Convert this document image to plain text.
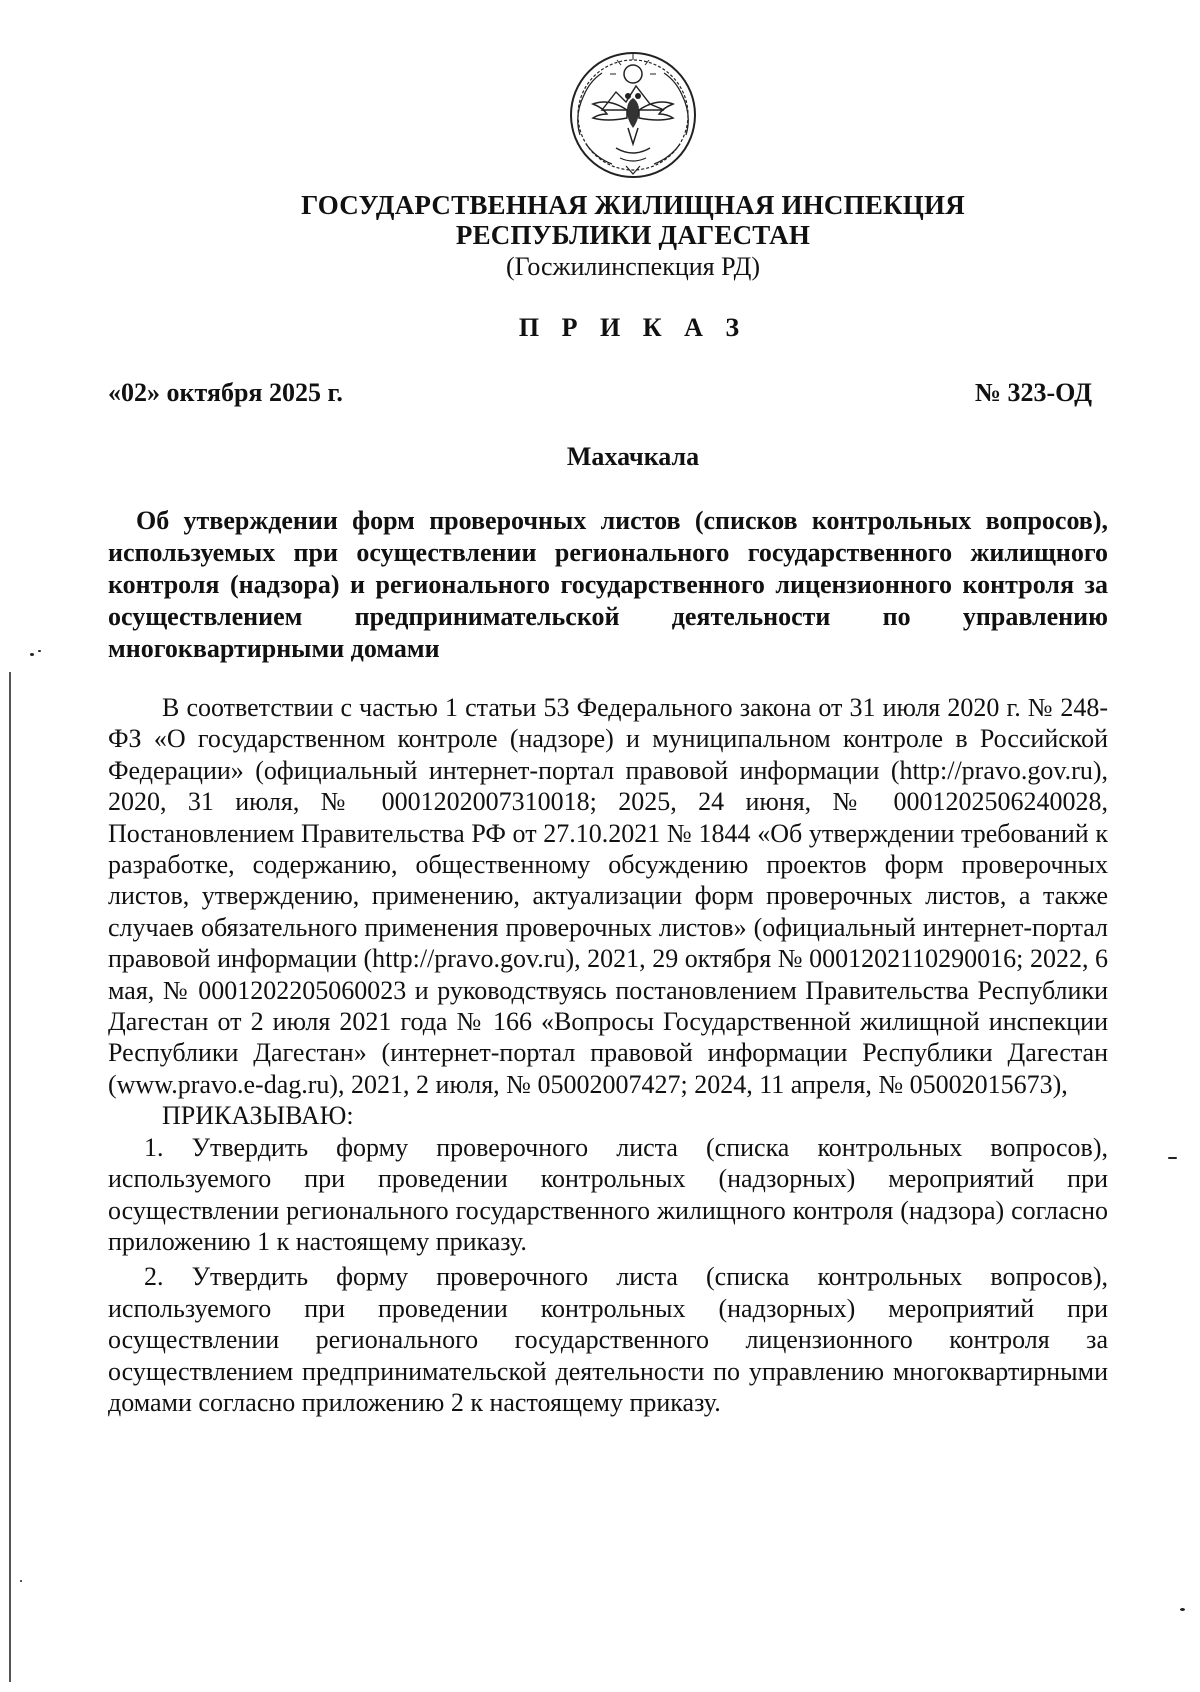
ГОСУДАРСТВЕННАЯ ЖИЛИЩНАЯ ИНСПЕКЦИЯ
РЕСПУБЛИКИ ДАГЕСТАН
(Госжилинспекция РД)
П Р И К А З
«02» октября 2025 г.	№ 323-ОД
Махачкала
Об утверждении форм проверочных листов (списков контрольных вопросов), используемых при осуществлении регионального государственного жилищного контроля (надзора) и регионального государственного лицензионного контроля за осуществлением предпринимательской деятельности по управлению многоквартирными домами

В соответствии с частью 1 статьи 53 Федерального закона от 31 июля 2020 г. № 248-ФЗ «О государственном контроле (надзоре) и муниципальном контроле в Российской Федерации» (официальный интернет-портал правовой информации (http://pravo.gov.ru), 2020, 31 июля, № 0001202007310018; 2025, 24 июня, № 0001202506240028, Постановлением Правительства РФ от 27.10.2021 № 1844 «Об утверждении требований к разработке, содержанию, общественному обсуждению проектов форм проверочных листов, утверждению, применению, актуализации форм проверочных листов, а также случаев обязательного применения проверочных листов» (официальный интернет-портал правовой информации (http://pravo.gov.ru), 2021, 29 октября № 0001202110290016; 2022, 6 мая, № 0001202205060023 и руководствуясь постановлением Правительства Республики Дагестан от 2 июля 2021 года № 166 «Вопросы Государственной жилищной инспекции Республики Дагестан» (интернет-портал правовой информации Республики Дагестан (www.pravo.e-dag.ru), 2021, 2 июля, № 05002007427; 2024, 11 апреля, № 05002015673),

ПРИКАЗЫВАЮ:

1. Утвердить форму проверочного листа (списка контрольных вопросов), используемого при проведении контрольных (надзорных) мероприятий при осуществлении регионального государственного жилищного контроля (надзора) согласно приложению 1 к настоящему приказу.

2. Утвердить форму проверочного листа (списка контрольных вопросов), используемого при проведении контрольных (надзорных) мероприятий при осуществлении регионального государственного лицензионного контроля за осуществлением предпринимательской деятельности по управлению многоквартирными домами согласно приложению 2 к настоящему приказу.
